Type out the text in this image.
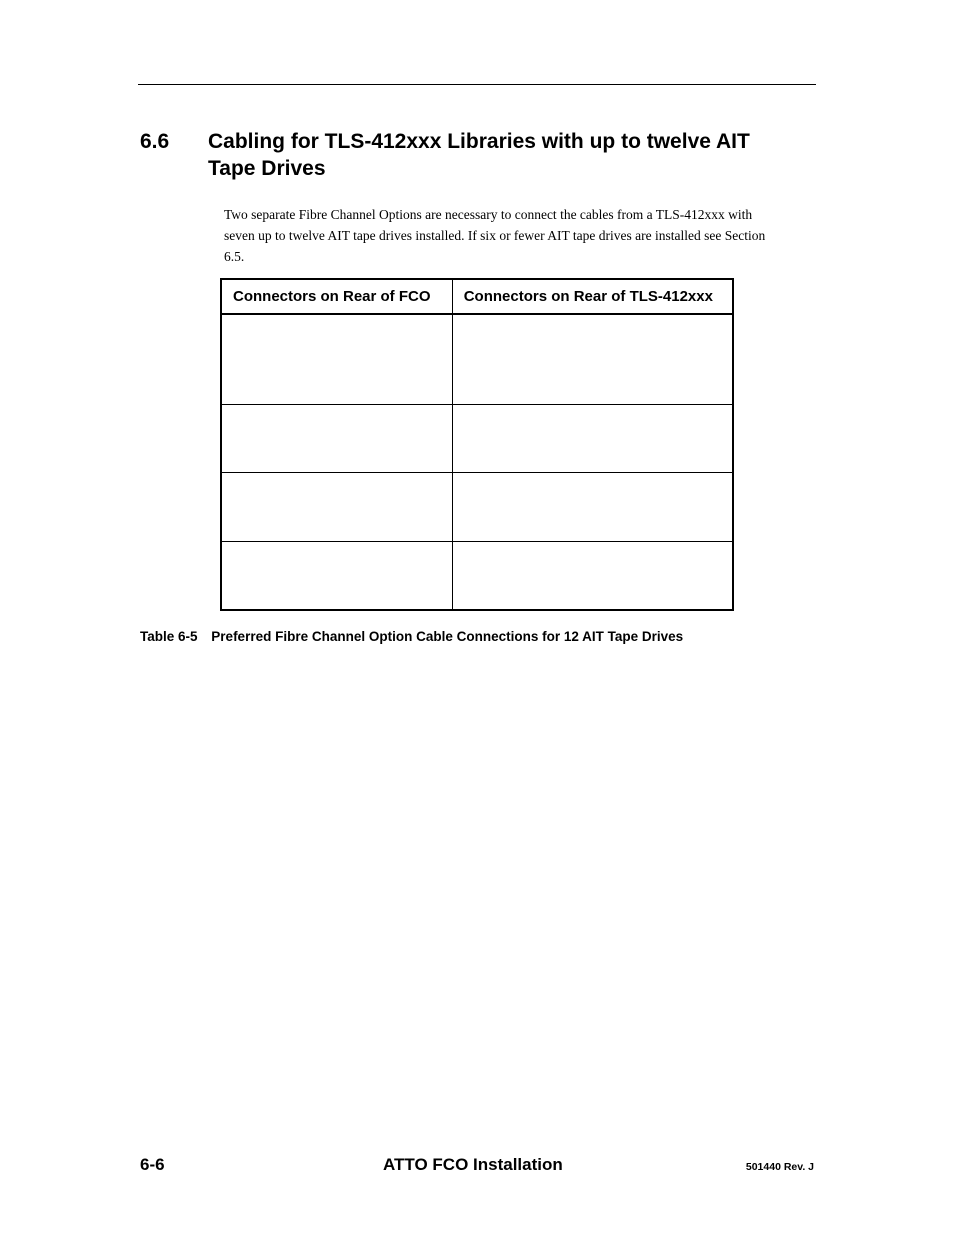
6.6 Cabling for TLS-412xxx Libraries with up to twelve AIT Tape Drives

Two separate Fibre Channel Options are necessary to connect the cables from a TLS-412xxx with seven up to twelve AIT tape drives installed. If six or fewer AIT tape drives are installed see Section 6.5.

Connectors on Rear of FCO	Connectors on Rear of TLS-412xxx

Table 6-5 Preferred Fibre Channel Option Cable Connections for 12 AIT Tape Drives
6-6	ATTO FCO Installation	501440 Rev. J
